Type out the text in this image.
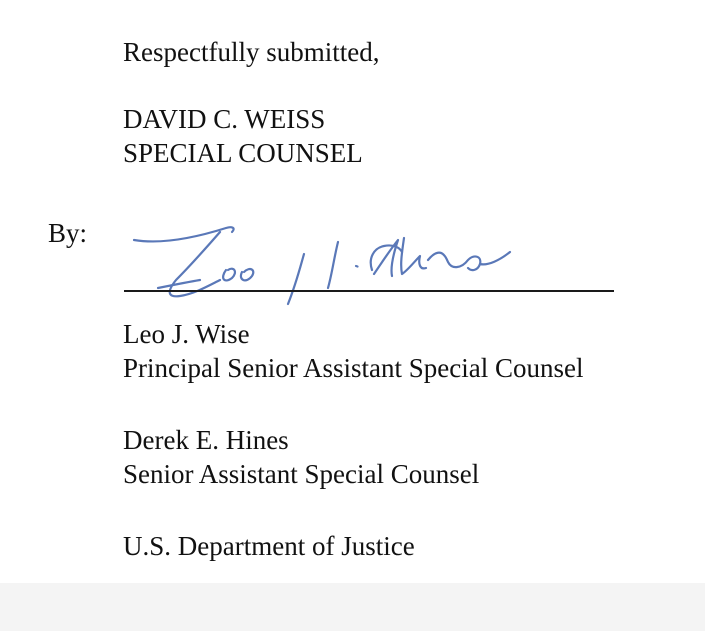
Respectfully submitted,
DAVID C. WEISS
SPECIAL COUNSEL
By:
Leo J. Wise
Principal Senior Assistant Special Counsel
Derek E. Hines
Senior Assistant Special Counsel
U.S. Department of Justice
